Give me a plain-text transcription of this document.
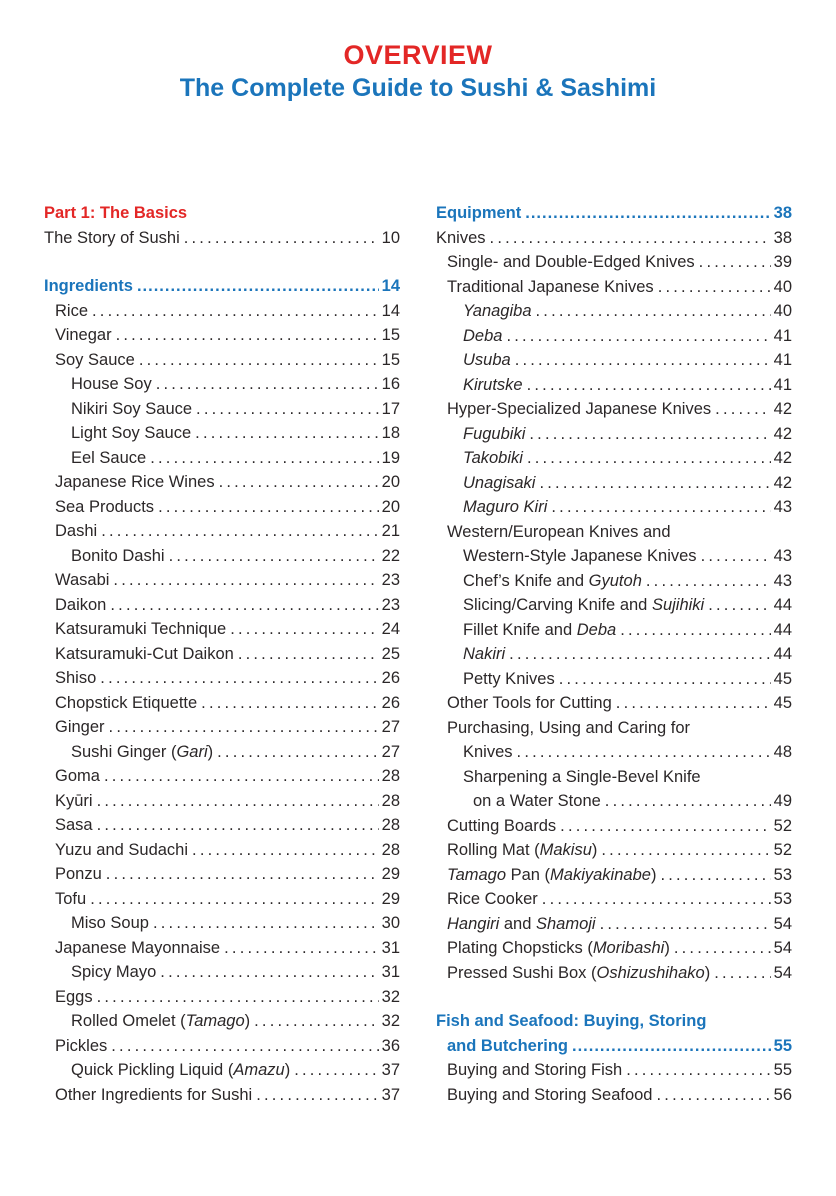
OVERVIEW
The Complete Guide to Sushi & Sashimi
Part 1: The Basics
The Story of Sushi .....	10
Ingredients .....	14
Rice .....	14
Vinegar .....	15
Soy Sauce .....	15
House Soy .....	16
Nikiri Soy Sauce .....	17
Light Soy Sauce .....	18
Eel Sauce .....	19
Japanese Rice Wines .....	20
Sea Products .....	20
Dashi .....	21
Bonito Dashi .....	22
Wasabi .....	23
Daikon .....	23
Katsuramuki Technique .....	24
Katsuramuki-Cut Daikon .....	25
Shiso .....	26
Chopstick Etiquette .....	26
Ginger .....	27
Sushi Ginger (Gari) .....	27
Goma .....	28
Kyūri .....	28
Sasa .....	28
Yuzu and Sudachi .....	28
Ponzu .....	29
Tofu .....	29
Miso Soup .....	30
Japanese Mayonnaise .....	31
Spicy Mayo .....	31
Eggs .....	32
Rolled Omelet (Tamago) .....	32
Pickles .....	36
Quick Pickling Liquid (Amazu) .....	37
Other Ingredients for Sushi .....	37
Equipment .....	38
Knives .....	38
Single- and Double-Edged Knives .....	39
Traditional Japanese Knives .....	40
Yanagiba .....	40
Deba .....	41
Usuba .....	41
Kirutske .....	41
Hyper-Specialized Japanese Knives .....	42
Fugubiki .....	42
Takobiki .....	42
Unagisaki .....	42
Maguro Kiri .....	43
Western/European Knives and
Western-Style Japanese Knives .....	43
Chef’s Knife and Gyutoh .....	43
Slicing/Carving Knife and Sujihiki .....	44
Fillet Knife and Deba .....	44
Nakiri .....	44
Petty Knives .....	45
Other Tools for Cutting .....	45
Purchasing, Using and Caring for
Knives .....	48
Sharpening a Single-Bevel Knife
on a Water Stone .....	49
Cutting Boards .....	52
Rolling Mat (Makisu) .....	52
Tamago Pan (Makiyakinabe) .....	53
Rice Cooker .....	53
Hangiri and Shamoji .....	54
Plating Chopsticks (Moribashi) .....	54
Pressed Sushi Box (Oshizushihako) .....	54
Fish and Seafood: Buying, Storing
and Butchering .....	55
Buying and Storing Fish .....	55
Buying and Storing Seafood .....	56
